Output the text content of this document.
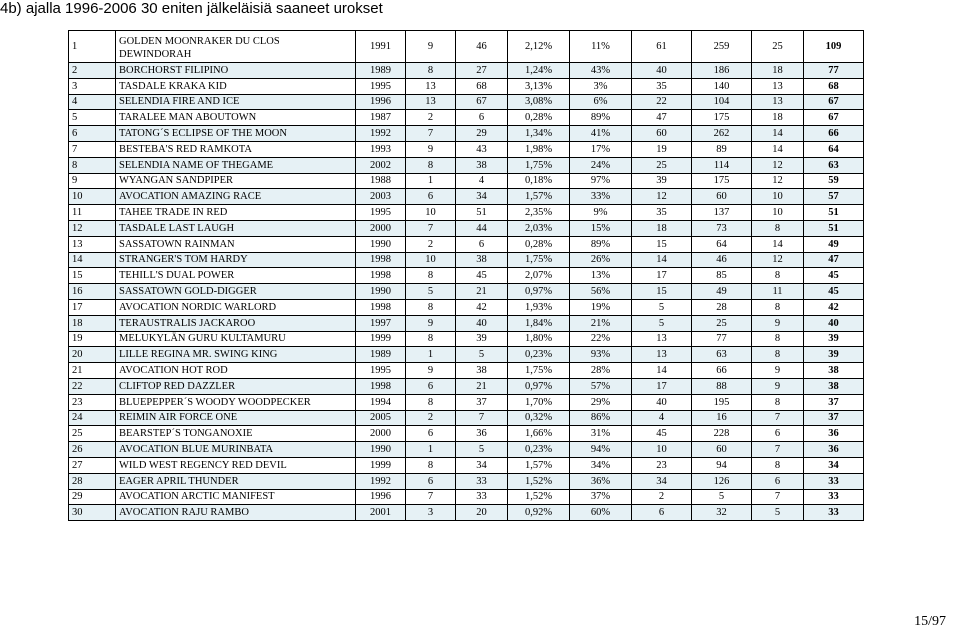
4b) ajalla 1996-2006 30 eniten jälkeläisiä saaneet urokset
1	GOLDEN MOONRAKER DU CLOS DEWINDORAH	1991	9	46	2,12%	11%	61	259	25	109
2	BORCHORST FILIPINO	1989	8	27	1,24%	43%	40	186	18	77
3	TASDALE KRAKA KID	1995	13	68	3,13%	3%	35	140	13	68
4	SELENDIA FIRE AND ICE	1996	13	67	3,08%	6%	22	104	13	67
5	TARALEE MAN ABOUTOWN	1987	2	6	0,28%	89%	47	175	18	67
6	TATONG´S ECLIPSE OF THE MOON	1992	7	29	1,34%	41%	60	262	14	66
7	BESTEBA'S RED RAMKOTA	1993	9	43	1,98%	17%	19	89	14	64
8	SELENDIA NAME OF THEGAME	2002	8	38	1,75%	24%	25	114	12	63
9	WYANGAN SANDPIPER	1988	1	4	0,18%	97%	39	175	12	59
10	AVOCATION AMAZING RACE	2003	6	34	1,57%	33%	12	60	10	57
11	TAHEE TRADE IN RED	1995	10	51	2,35%	9%	35	137	10	51
12	TASDALE LAST LAUGH	2000	7	44	2,03%	15%	18	73	8	51
13	SASSATOWN RAINMAN	1990	2	6	0,28%	89%	15	64	14	49
14	STRANGER'S TOM HARDY	1998	10	38	1,75%	26%	14	46	12	47
15	TEHILL'S DUAL POWER	1998	8	45	2,07%	13%	17	85	8	45
16	SASSATOWN GOLD-DIGGER	1990	5	21	0,97%	56%	15	49	11	45
17	AVOCATION NORDIC WARLORD	1998	8	42	1,93%	19%	5	28	8	42
18	TERAUSTRALIS JACKAROO	1997	9	40	1,84%	21%	5	25	9	40
19	MELUKYLÄN GURU KULTAMURU	1999	8	39	1,80%	22%	13	77	8	39
20	LILLE REGINA MR. SWING KING	1989	1	5	0,23%	93%	13	63	8	39
21	AVOCATION HOT ROD	1995	9	38	1,75%	28%	14	66	9	38
22	CLIFTOP RED DAZZLER	1998	6	21	0,97%	57%	17	88	9	38
23	BLUEPEPPER´S WOODY WOODPECKER	1994	8	37	1,70%	29%	40	195	8	37
24	REIMIN AIR FORCE ONE	2005	2	7	0,32%	86%	4	16	7	37
25	BEARSTEP´S TONGANOXIE	2000	6	36	1,66%	31%	45	228	6	36
26	AVOCATION BLUE MURINBATA	1990	1	5	0,23%	94%	10	60	7	36
27	WILD WEST REGENCY RED DEVIL	1999	8	34	1,57%	34%	23	94	8	34
28	EAGER APRIL THUNDER	1992	6	33	1,52%	36%	34	126	6	33
29	AVOCATION ARCTIC MANIFEST	1996	7	33	1,52%	37%	2	5	7	33
30	AVOCATION RAJU RAMBO	2001	3	20	0,92%	60%	6	32	5	33
15/97
